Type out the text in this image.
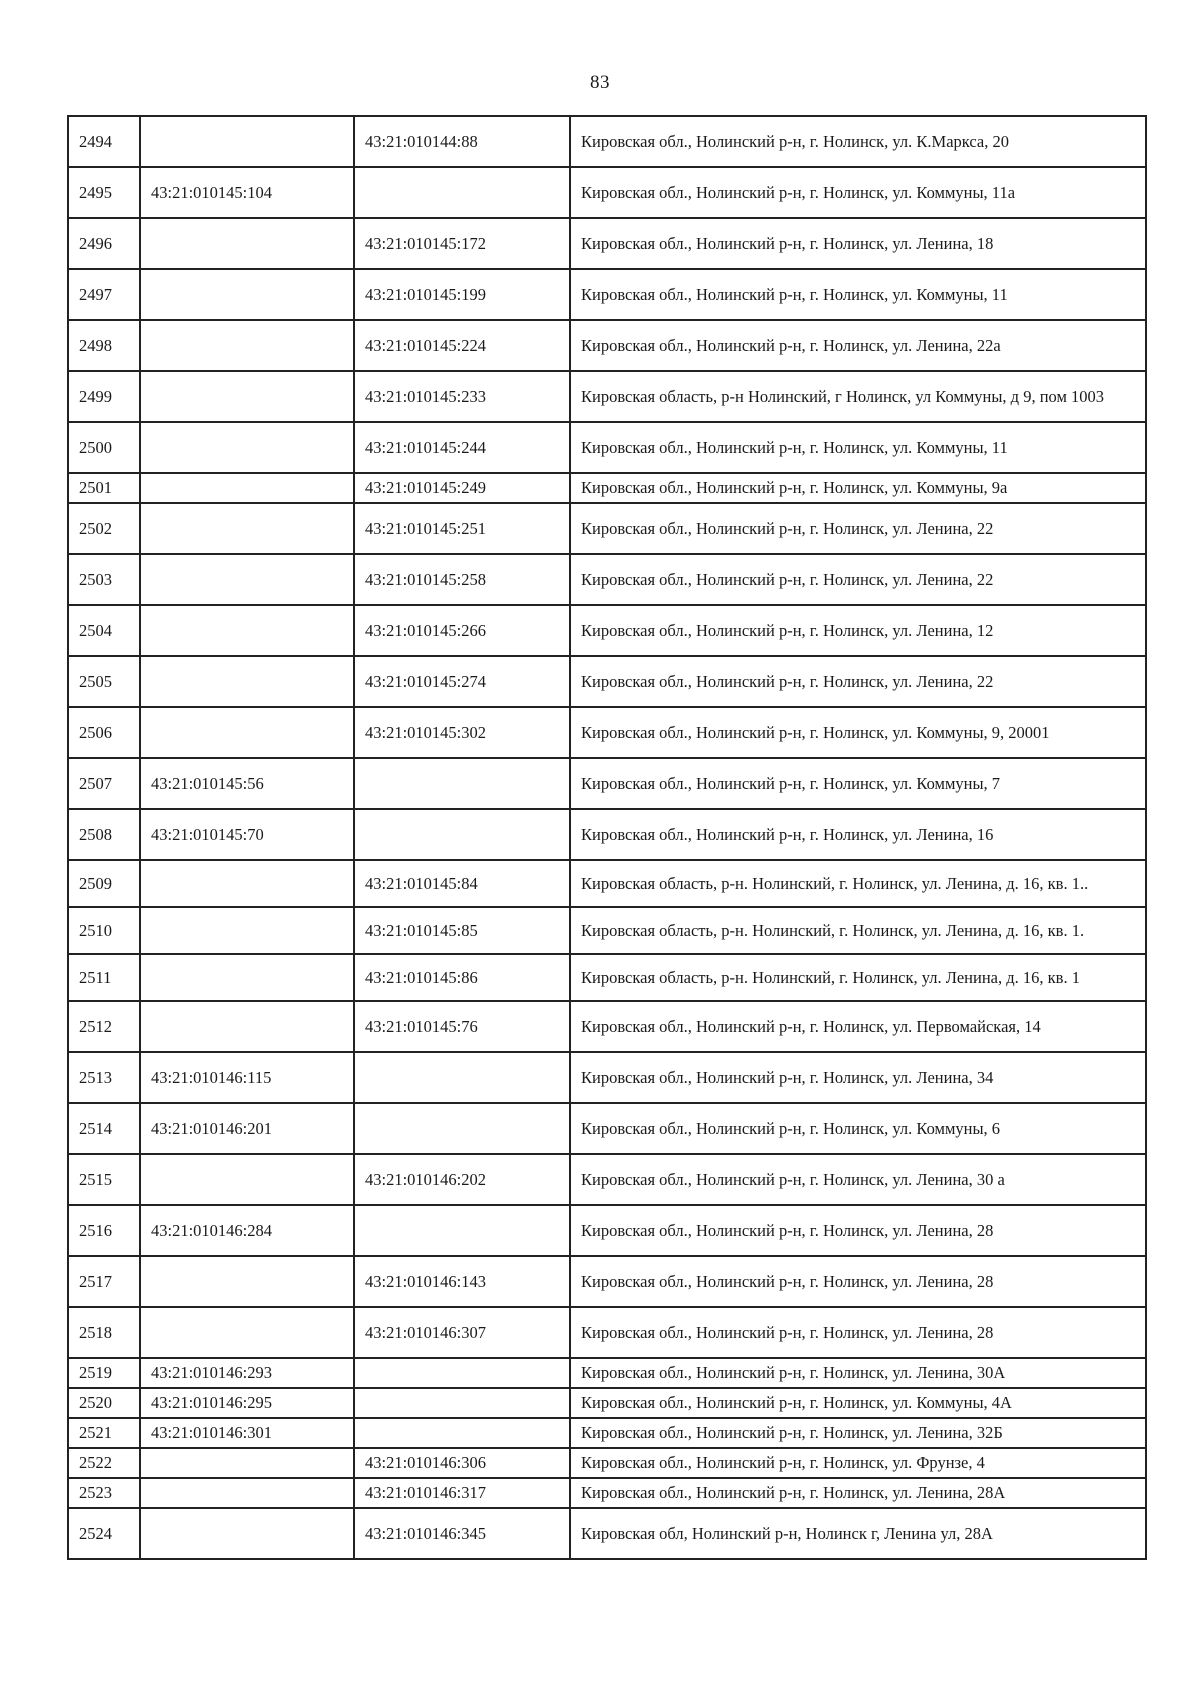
83
2494		43:21:010144:88	Кировская обл., Нолинский р-н, г. Нолинск, ул. К.Маркса, 20
2495	43:21:010145:104		Кировская обл., Нолинский р-н, г. Нолинск, ул. Коммуны, 11а
2496		43:21:010145:172	Кировская обл., Нолинский р-н, г. Нолинск, ул. Ленина, 18
2497		43:21:010145:199	Кировская обл., Нолинский р-н, г. Нолинск, ул. Коммуны, 11
2498		43:21:010145:224	Кировская обл., Нолинский р-н, г. Нолинск, ул. Ленина, 22а
2499		43:21:010145:233	Кировская область, р-н Нолинский, г Нолинск, ул Коммуны, д 9, пом 1003
2500		43:21:010145:244	Кировская обл., Нолинский р-н, г. Нолинск, ул. Коммуны, 11
2501		43:21:010145:249	Кировская обл., Нолинский р-н, г. Нолинск, ул. Коммуны, 9а
2502		43:21:010145:251	Кировская обл., Нолинский р-н, г. Нолинск, ул. Ленина, 22
2503		43:21:010145:258	Кировская обл., Нолинский р-н, г. Нолинск, ул. Ленина, 22
2504		43:21:010145:266	Кировская обл., Нолинский р-н, г. Нолинск, ул. Ленина, 12
2505		43:21:010145:274	Кировская обл., Нолинский р-н, г. Нолинск, ул. Ленина, 22
2506		43:21:010145:302	Кировская обл., Нолинский р-н, г. Нолинск, ул. Коммуны, 9, 20001
2507	43:21:010145:56		Кировская обл., Нолинский р-н, г. Нолинск, ул. Коммуны, 7
2508	43:21:010145:70		Кировская обл., Нолинский р-н, г. Нолинск, ул. Ленина, 16
2509		43:21:010145:84	Кировская область, р-н. Нолинский, г. Нолинск, ул. Ленина, д. 16, кв. 1..
2510		43:21:010145:85	Кировская область, р-н. Нолинский, г. Нолинск, ул. Ленина, д. 16, кв. 1.
2511		43:21:010145:86	Кировская область, р-н. Нолинский, г. Нолинск, ул. Ленина, д. 16, кв. 1
2512		43:21:010145:76	Кировская обл., Нолинский р-н, г. Нолинск, ул. Первомайская, 14
2513	43:21:010146:115		Кировская обл., Нолинский р-н, г. Нолинск, ул. Ленина, 34
2514	43:21:010146:201		Кировская обл., Нолинский р-н, г. Нолинск, ул. Коммуны, 6
2515		43:21:010146:202	Кировская обл., Нолинский р-н, г. Нолинск, ул. Ленина, 30 а
2516	43:21:010146:284		Кировская обл., Нолинский р-н, г. Нолинск, ул. Ленина, 28
2517		43:21:010146:143	Кировская обл., Нолинский р-н, г. Нолинск, ул. Ленина, 28
2518		43:21:010146:307	Кировская обл., Нолинский р-н, г. Нолинск, ул. Ленина, 28
2519	43:21:010146:293		Кировская обл., Нолинский р-н, г. Нолинск, ул. Ленина, 30А
2520	43:21:010146:295		Кировская обл., Нолинский р-н, г. Нолинск, ул. Коммуны, 4А
2521	43:21:010146:301		Кировская обл., Нолинский р-н, г. Нолинск, ул. Ленина, 32Б
2522		43:21:010146:306	Кировская обл., Нолинский р-н, г. Нолинск, ул. Фрунзе, 4
2523		43:21:010146:317	Кировская обл., Нолинский р-н, г. Нолинск, ул. Ленина, 28А
2524		43:21:010146:345	Кировская обл, Нолинский р-н, Нолинск г, Ленина ул, 28А
